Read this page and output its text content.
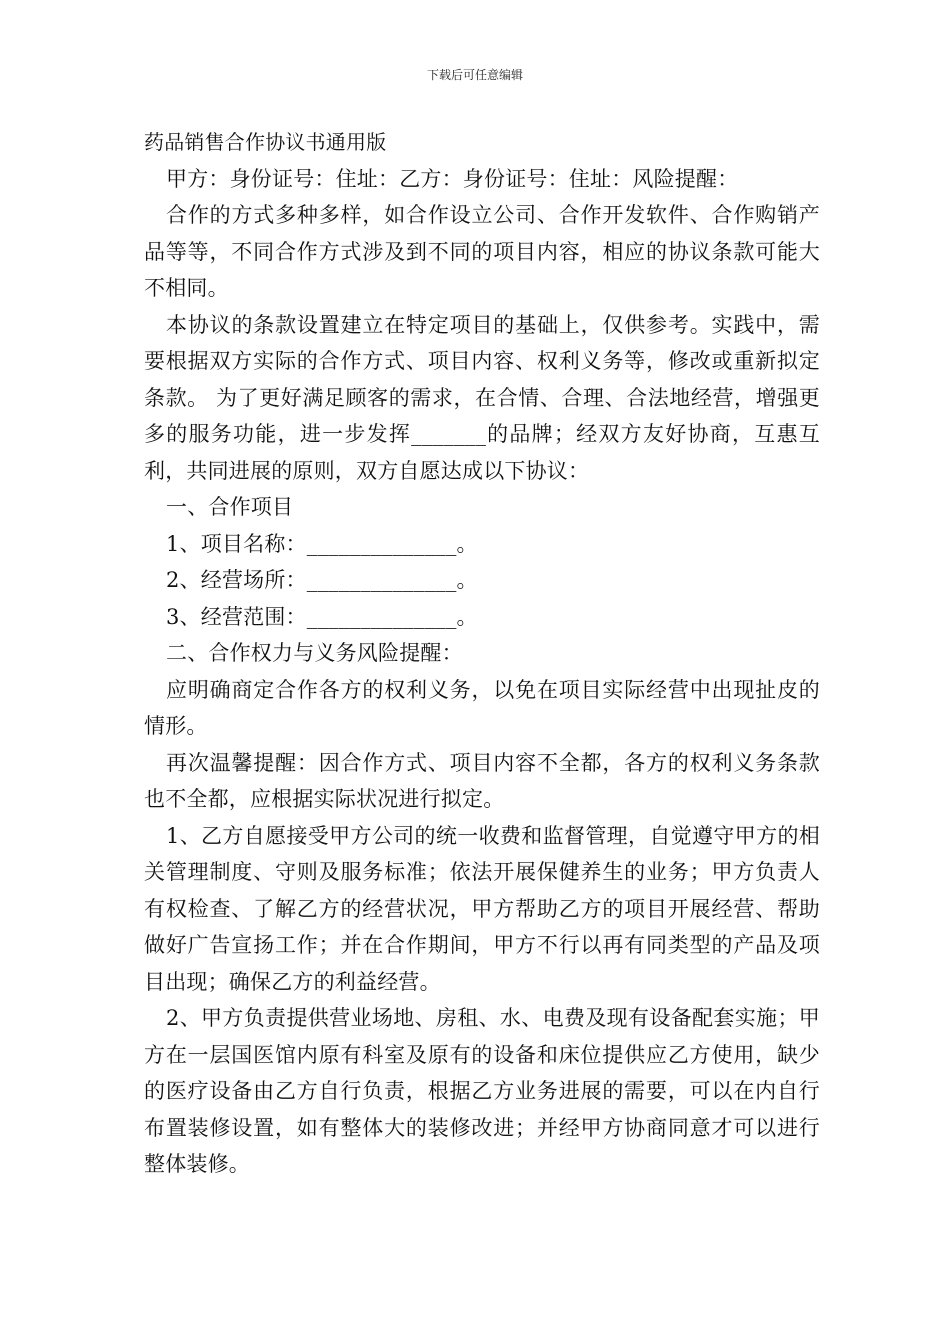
下载后可任意编辑

药品销售合作协议书通用版

甲方：身份证号：住址：乙方：身份证号：住址：风险提醒：

合作的方式多种多样，如合作设立公司、合作开发软件、合作购销产品等等，不同合作方式涉及到不同的项目内容，相应的协议条款可能大不相同。

本协议的条款设置建立在特定项目的基础上，仅供参考。实践中，需要根据双方实际的合作方式、项目内容、权利义务等，修改或重新拟定条款。 为了更好满足顾客的需求，在合情、合理、合法地经营，增强更多的服务功能，进一步发挥_______的品牌；经双方友好协商，互惠互利，共同进展的原则，双方自愿达成以下协议：

一、合作项目

1、项目名称：______________。

2、经营场所：______________。

3、经营范围：______________。

二、合作权力与义务风险提醒：

应明确商定合作各方的权利义务，以免在项目实际经营中出现扯皮的情形。

再次温馨提醒：因合作方式、项目内容不全都，各方的权利义务条款也不全都，应根据实际状况进行拟定。

1、乙方自愿接受甲方公司的统一收费和监督管理，自觉遵守甲方的相关管理制度、守则及服务标准；依法开展保健养生的业务；甲方负责人有权检查、了解乙方的经营状况，甲方帮助乙方的项目开展经营、帮助做好广告宣扬工作；并在合作期间，甲方不行以再有同类型的产品及项目出现；确保乙方的利益经营。

2、甲方负责提供营业场地、房租、水、电费及现有设备配套实施；甲方在一层国医馆内原有科室及原有的设备和床位提供应乙方使用，缺少的医疗设备由乙方自行负责，根据乙方业务进展的需要，可以在内自行布置装修设置，如有整体大的装修改进；并经甲方协商同意才可以进行整体装修。
